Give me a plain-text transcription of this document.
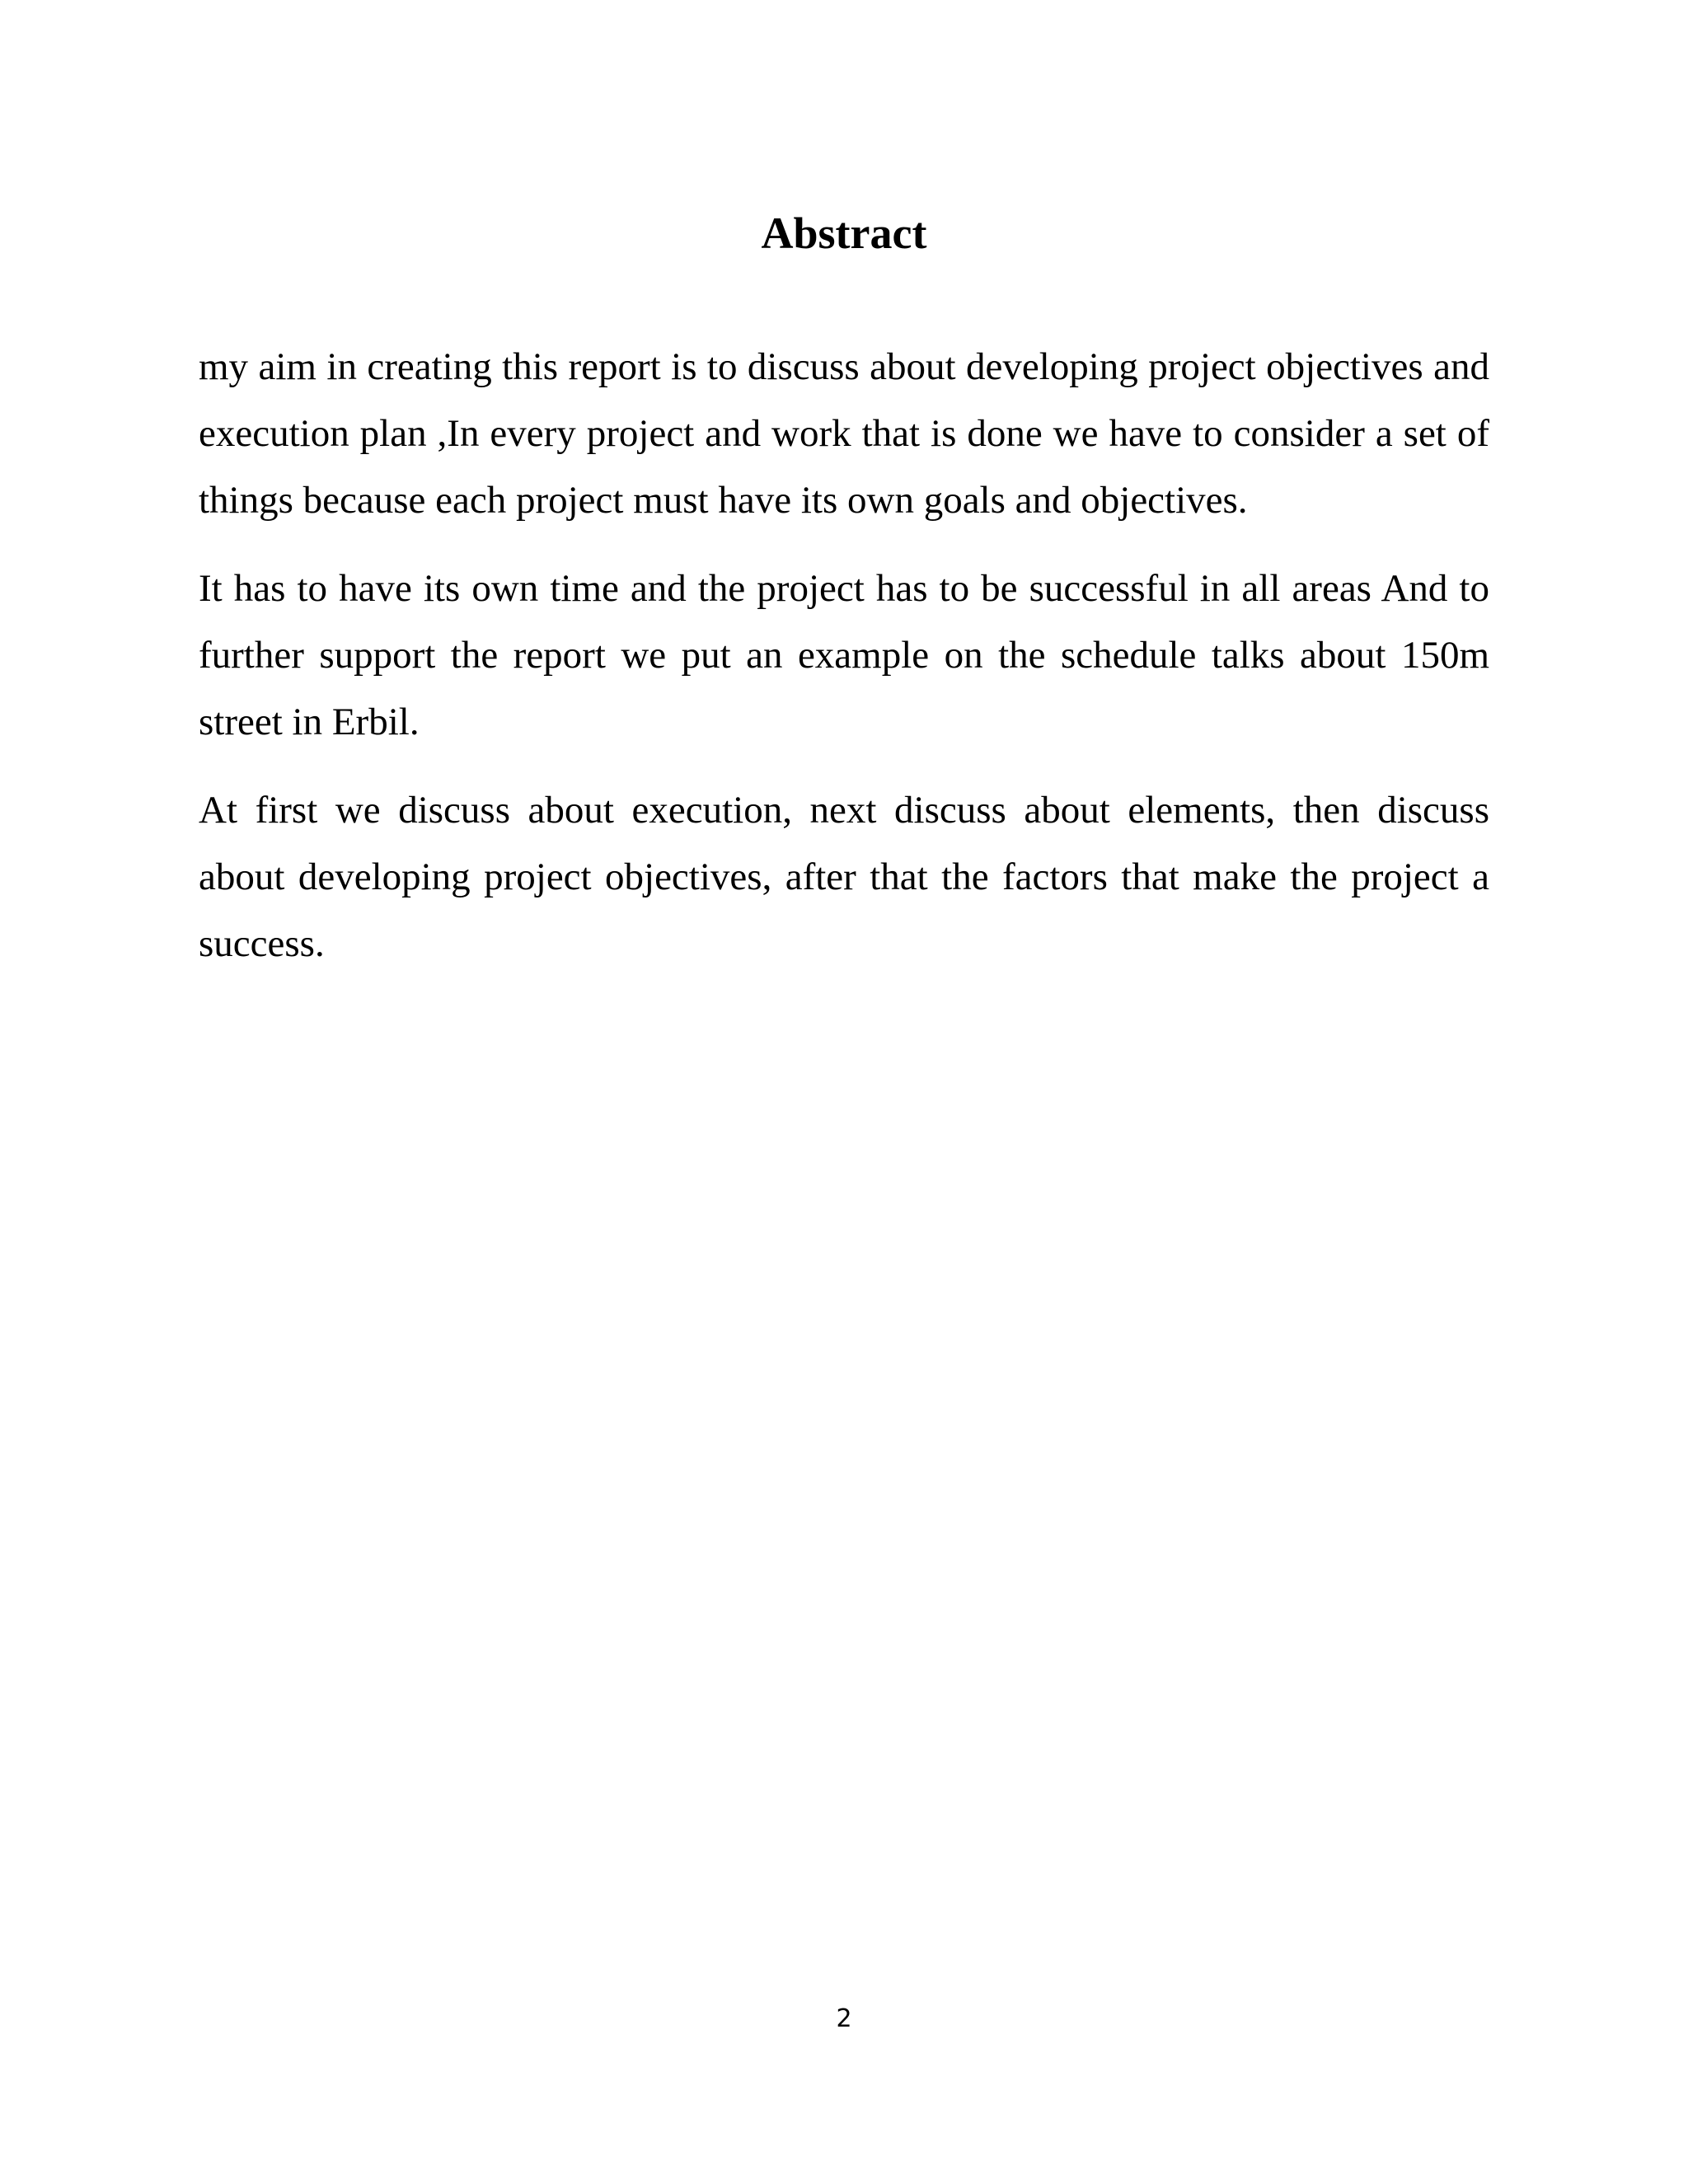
Abstract

my aim in creating this report is to discuss about developing project objectives and execution plan ,In every project and work that is done we have to consider a set of things because each project must have its own goals and objectives.

It has to have its own time and the project has to be successful in all areas And to further support the report we put an example on the schedule talks about 150m street in Erbil.

At first we discuss about execution, next discuss about elements, then discuss about developing project objectives, after that the factors that make the project a success.

2
